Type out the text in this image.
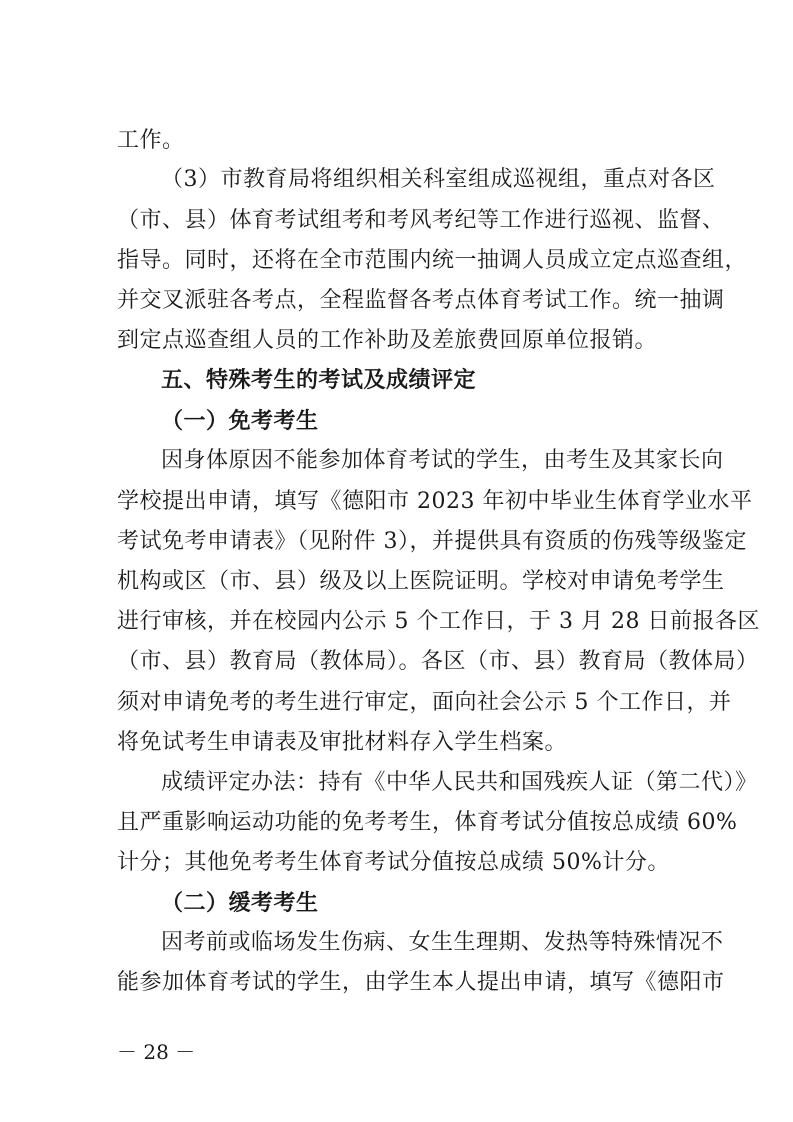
工作。
（3）市教育局将组织相关科室组成巡视组，重点对各区
（市、县）体育考试组考和考风考纪等工作进行巡视、监督、
指导。同时，还将在全市范围内统一抽调人员成立定点巡查组，
并交叉派驻各考点，全程监督各考点体育考试工作。统一抽调
到定点巡查组人员的工作补助及差旅费回原单位报销。
五、特殊考生的考试及成绩评定
（一）免考考生
因身体原因不能参加体育考试的学生，由考生及其家长向
学校提出申请，填写《德阳市 2023 年初中毕业生体育学业水平
考试免考申请表》（见附件 3），并提供具有资质的伤残等级鉴定
机构或区（市、县）级及以上医院证明。学校对申请免考学生
进行审核，并在校园内公示 5 个工作日，于 3 月 28 日前报各区
（市、县）教育局（教体局）。各区（市、县）教育局（教体局）
须对申请免考的考生进行审定，面向社会公示 5 个工作日，并
将免试考生申请表及审批材料存入学生档案。
成绩评定办法：持有《中华人民共和国残疾人证（第二代）》
且严重影响运动功能的免考考生，体育考试分值按总成绩 60%
计分；其他免考考生体育考试分值按总成绩 50%计分。
（二）缓考考生
因考前或临场发生伤病、女生生理期、发热等特殊情况不
能参加体育考试的学生，由学生本人提出申请，填写《德阳市
－ 28 －
